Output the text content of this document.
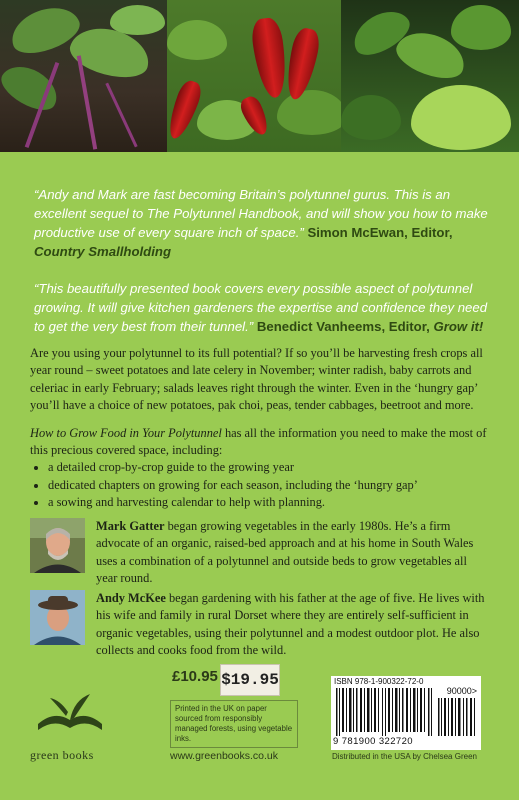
“Andy and Mark are fast becoming Britain’s polytunnel gurus. This is an excellent sequel to The Polytunnel Handbook, and will show you how to make productive use of every square inch of space.” Simon McEwan, Editor, Country Smallholding

“This beautifully presented book covers every possible aspect of polytunnel growing. It will give kitchen gardeners the expertise and confidence they need to get the very best from their tunnel.” Benedict Vanheems, Editor, Grow it!

Are you using your polytunnel to its full potential? If so you’ll be harvesting fresh crops all year round – sweet potatoes and late celery in November; winter radish, baby carrots and celeriac in early February; salads leaves right through the winter. Even in the ‘hungry gap’ you’ll have a choice of new potatoes, pak choi, peas, tender cabbages, beetroot and more.

How to Grow Food in Your Polytunnel has all the information you need to make the most of this precious covered space, including:

• a detailed crop-by-crop guide to the growing year
• dedicated chapters on growing for each season, including the ‘hungry gap’
• a sowing and harvesting calendar to help with planning.
Mark Gatter began growing vegetables in the early 1980s. He’s a firm advocate of an organic, raised-bed approach and at his home in South Wales uses a combination of a polytunnel and outside beds to grow vegetables all year round.
Andy McKee began gardening with his father at the age of five. He lives with his wife and family in rural Dorset where they are entirely self-sufficient in organic vegetables, using their polytunnel and a modest outdoor plot. He also collects and cooks food from the wild.
green books
£10.95 $19.95
Printed in the UK on paper sourced from responsibly managed forests, using vegetable inks.
www.greenbooks.co.uk
ISBN 978-1-900322-72-0
90000>
9 781900 322720
Distributed in the USA by Chelsea Green
